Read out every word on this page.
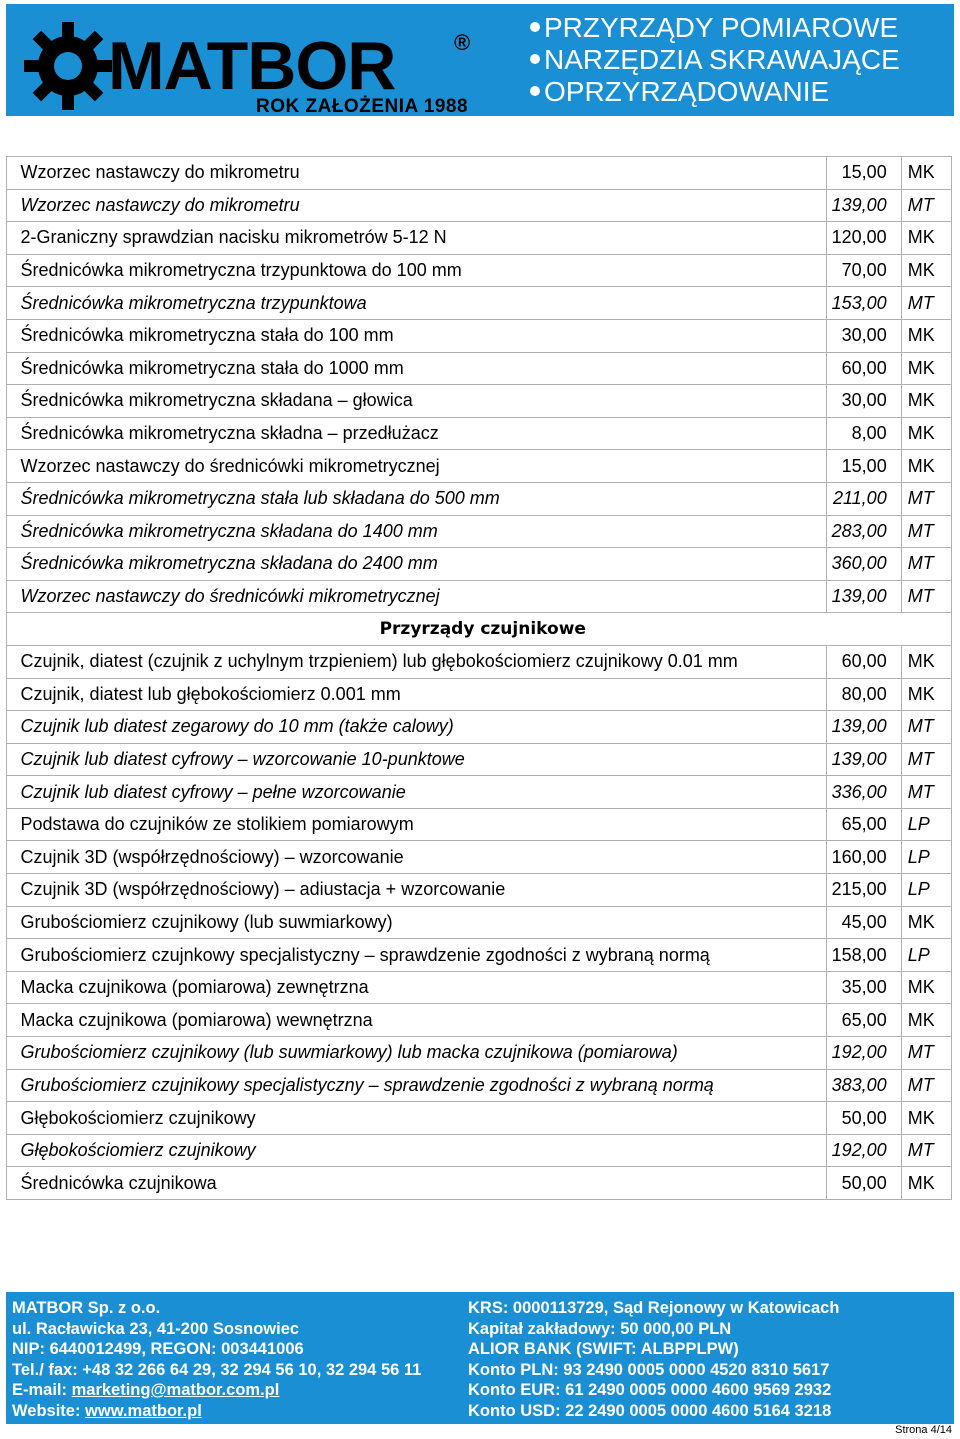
MATBOR	®
ROK ZAŁOŻENIA 1988
PRZYRZĄDY POMIAROWE
NARZĘDZIA SKRAWAJĄCE
OPRZYRZĄDOWANIE
	Wzorzec nastawczy do mikrometru	15,00	MK
	Wzorzec nastawczy do mikrometru	139,00	MT
	2-Graniczny sprawdzian nacisku mikrometrów 5-12 N	120,00	MK
	Średnicówka mikrometryczna trzypunktowa do 100 mm	70,00	MK
	Średnicówka mikrometryczna trzypunktowa	153,00	MT
	Średnicówka mikrometryczna stała do 100 mm	30,00	MK
	Średnicówka mikrometryczna stała do 1000 mm	60,00	MK
	Średnicówka mikrometryczna składana – głowica	30,00	MK
	Średnicówka mikrometryczna składna – przedłużacz	8,00	MK
	Wzorzec nastawczy do średnicówki mikrometrycznej	15,00	MK
	Średnicówka mikrometryczna stała lub składana do 500 mm	211,00	MT
	Średnicówka mikrometryczna składana do 1400 mm	283,00	MT
	Średnicówka mikrometryczna składana do 2400 mm	360,00	MT
	Wzorzec nastawczy do średnicówki mikrometrycznej	139,00	MT
	Przyrządy czujnikowe		
	Czujnik, diatest (czujnik z uchylnym trzpieniem) lub głębokościomierz czujnikowy 0.01 mm	60,00	MK
	Czujnik, diatest lub głębokościomierz 0.001 mm	80,00	MK
	Czujnik lub diatest zegarowy do 10 mm (także calowy)	139,00	MT
	Czujnik lub diatest cyfrowy – wzorcowanie 10-punktowe	139,00	MT
	Czujnik lub diatest cyfrowy – pełne wzorcowanie	336,00	MT
	Podstawa do czujników ze stolikiem pomiarowym	65,00	LP
	Czujnik 3D (współrzędnościowy) – wzorcowanie	160,00	LP
	Czujnik 3D (współrzędnościowy) – adiustacja + wzorcowanie	215,00	LP
	Grubościomierz czujnikowy (lub suwmiarkowy)	45,00	MK
	Grubościomierz czujnkowy specjalistyczny – sprawdzenie zgodności z wybraną normą	158,00	LP
	Macka czujnikowa (pomiarowa) zewnętrzna	35,00	MK
	Macka czujnikowa (pomiarowa) wewnętrzna	65,00	MK
	Grubościomierz czujnikowy (lub suwmiarkowy) lub macka czujnikowa (pomiarowa)	192,00	MT
	Grubościomierz czujnikowy specjalistyczny – sprawdzenie zgodności z wybraną normą	383,00	MT
	Głębokościomierz czujnikowy	50,00	MK
	Głębokościomierz czujnikowy	192,00	MT
	Średnicówka czujnikowa	50,00	MK
MATBOR Sp. z o.o.
ul. Racławicka 23, 41-200 Sosnowiec
NIP: 6440012499, REGON: 003441006
Tel./ fax: +48 32 266 64 29, 32 294 56 10, 32 294 56 11
E-mail: marketing@matbor.com.pl
Website: www.matbor.pl
KRS: 0000113729, Sąd Rejonowy w Katowicach
Kapitał zakładowy: 50 000,00 PLN
ALIOR BANK (SWIFT: ALBPPLPW)
Konto PLN: 93 2490 0005 0000 4520 8310 5617
Konto EUR: 61 2490 0005 0000 4600 9569 2932
Konto USD: 22 2490 0005 0000 4600 5164 3218
Strona 4/14
